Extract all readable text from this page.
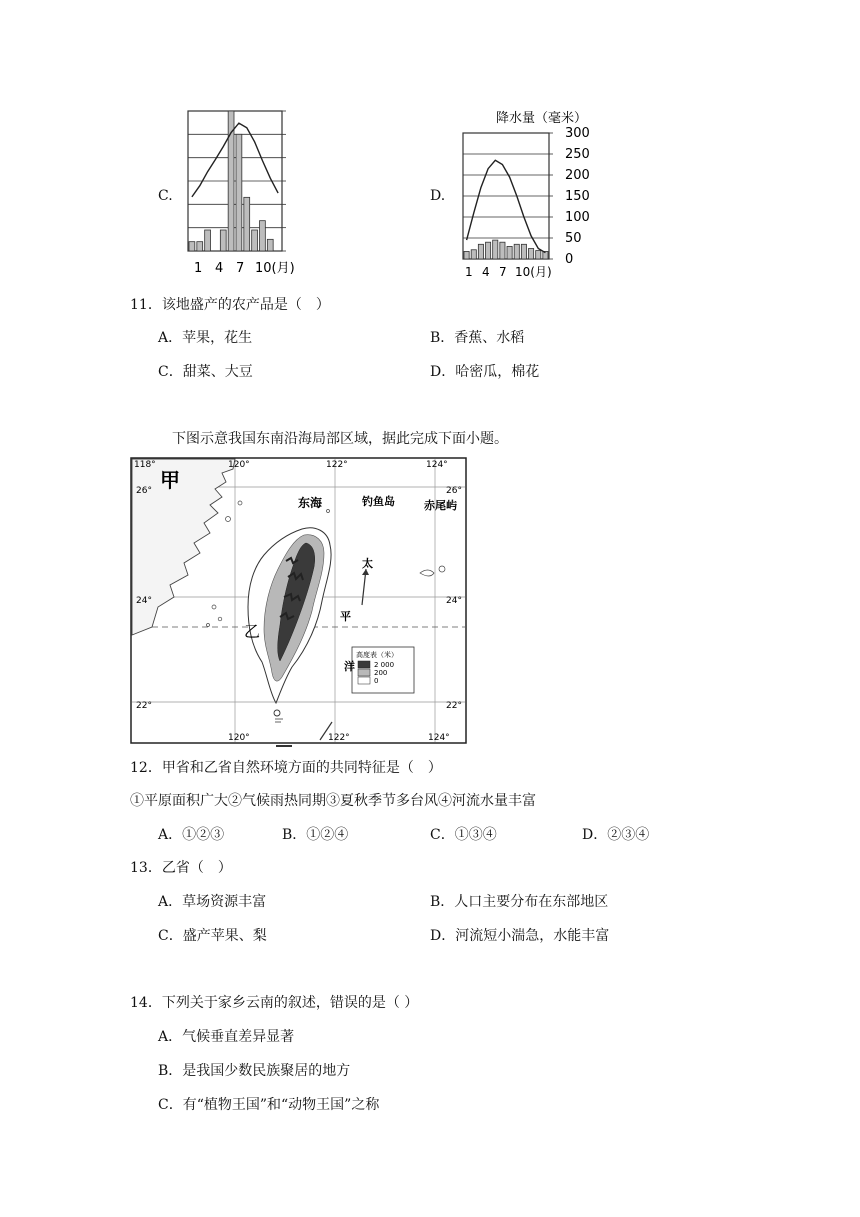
C.
1 4 7 10(月)
D.
降水量（毫米）
300
250
200
150
100
50
0
1 4 7 10(月)
11．该地盛产的农产品是（　）
A．苹果，花生	B．香蕉、水稻
C．甜菜、大豆	D．哈密瓜，棉花
下图示意我国东南沿海局部区域，据此完成下面小题。
高度表（米）
2 000
200
0
118°	120°	122°	124°
120°	122°	124°
26°	26°
24°	24°
22°	22°
甲
乙
东海	钓鱼岛	赤尾屿
太
平
洋
12．甲省和乙省自然环境方面的共同特征是（　）
①平原面积广大②气候雨热同期③夏秋季节多台风④河流水量丰富
A．①②③	B．①②④	C．①③④	D．②③④
13．乙省（　）
A．草场资源丰富	B．人口主要分布在东部地区
C．盛产苹果、梨	D．河流短小湍急，水能丰富
14．下列关于家乡云南的叙述，错误的是（ ）
A．气候垂直差异显著
B．是我国少数民族聚居的地方
C．有“植物王国”和“动物王国”之称
